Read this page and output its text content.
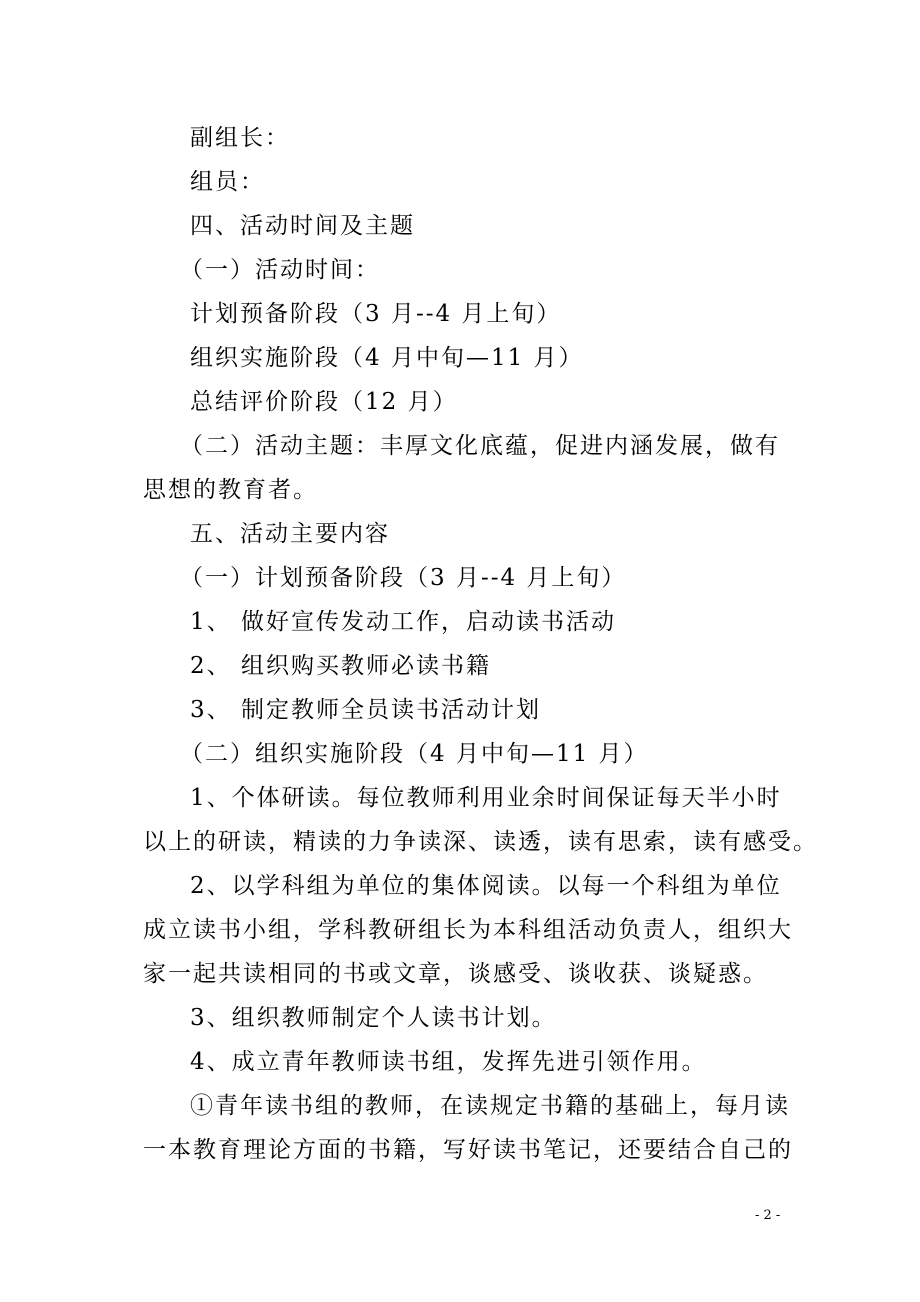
副组长：
组员：
四、活动时间及主题
（一）活动时间：
计划预备阶段（3 月--4 月上旬）
组织实施阶段（4 月中旬—11 月）
总结评价阶段（12 月）
（二）活动主题：丰厚文化底蕴，促进内涵发展，做有
思想的教育者。
五、活动主要内容
（一）计划预备阶段（3 月--4 月上旬）
1、 做好宣传发动工作，启动读书活动
2、 组织购买教师必读书籍
3、 制定教师全员读书活动计划
（二）组织实施阶段（4 月中旬—11 月）
1、个体研读。每位教师利用业余时间保证每天半小时
以上的研读，精读的力争读深、读透，读有思索，读有感受。
2、以学科组为单位的集体阅读。以每一个科组为单位
成立读书小组，学科教研组长为本科组活动负责人，组织大
家一起共读相同的书或文章，谈感受、谈收获、谈疑惑。
3、组织教师制定个人读书计划。
4、成立青年教师读书组，发挥先进引领作用。
①青年读书组的教师，在读规定书籍的基础上，每月读
一本教育理论方面的书籍，写好读书笔记，还要结合自己的
- 2 -
